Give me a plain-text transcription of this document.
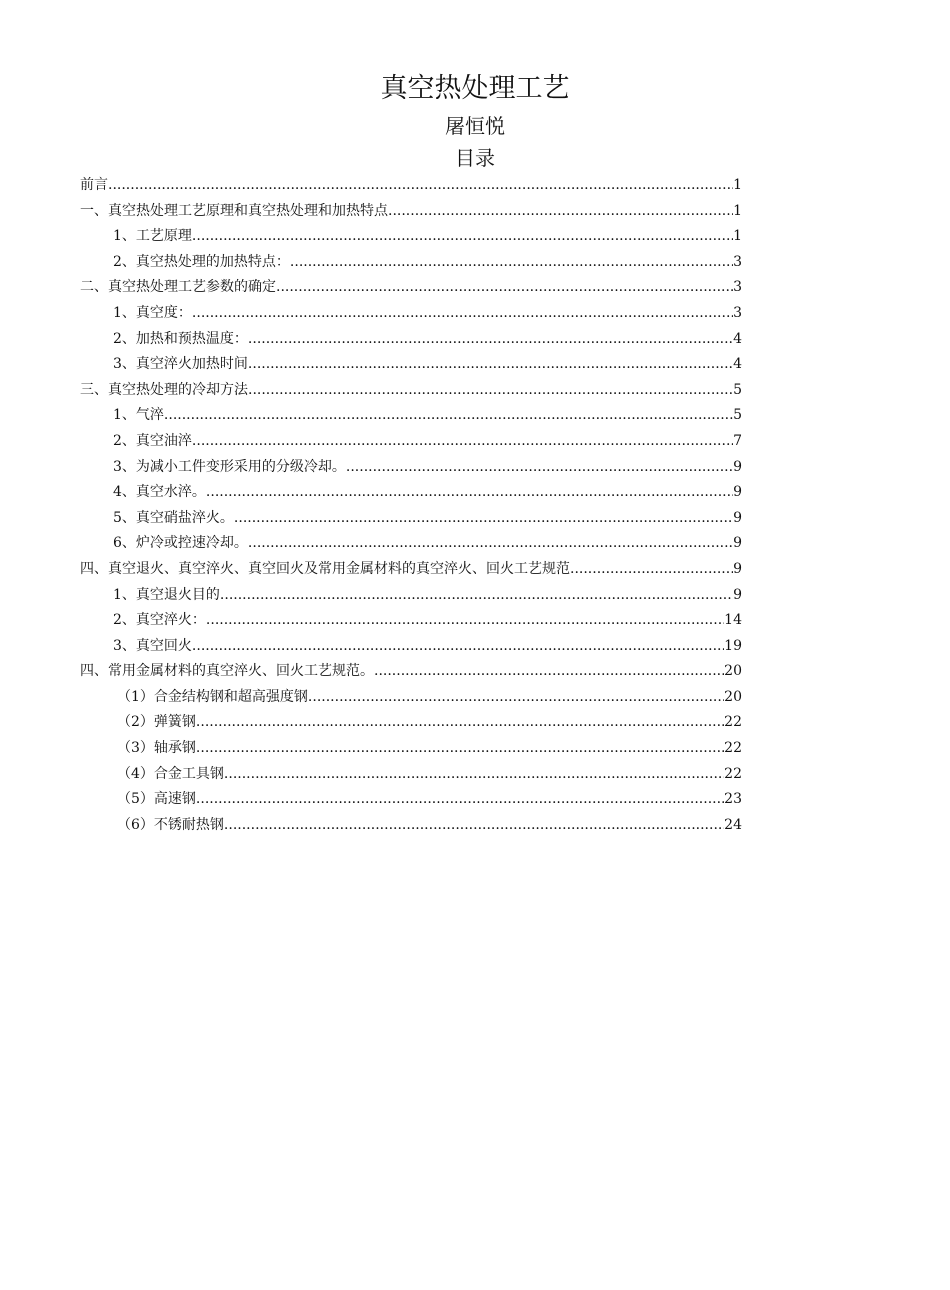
真空热处理工艺
屠恒悦
目录
前言 .....	1
一、真空热处理工艺原理和真空热处理和加热特点 .....	1
1、工艺原理 .....	1
2、真空热处理的加热特点： .....	3
二、真空热处理工艺参数的确定 .....	3
1、真空度： .....	3
2、加热和预热温度： .....	4
3、真空淬火加热时间 .....	4
三、真空热处理的冷却方法 .....	5
1、气淬 .....	5
2、真空油淬 .....	7
3、为减小工件变形采用的分级冷却。 .....	9
4、真空水淬。 .....	9
5、真空硝盐淬火。 .....	9
6、炉冷或控速冷却。 .....	9
四、真空退火、真空淬火、真空回火及常用金属材料的真空淬火、回火工艺规范 .....	9
1、真空退火目的 .....	9
2、真空淬火： .....	14
3、真空回火 .....	19
四、常用金属材料的真空淬火、回火工艺规范。 .....	20
（1）合金结构钢和超高强度钢 .....	20
（2）弹簧钢 .....	22
（3）轴承钢 .....	22
（4）合金工具钢 .....	22
（5）高速钢 .....	23
（6）不锈耐热钢 .....	24
